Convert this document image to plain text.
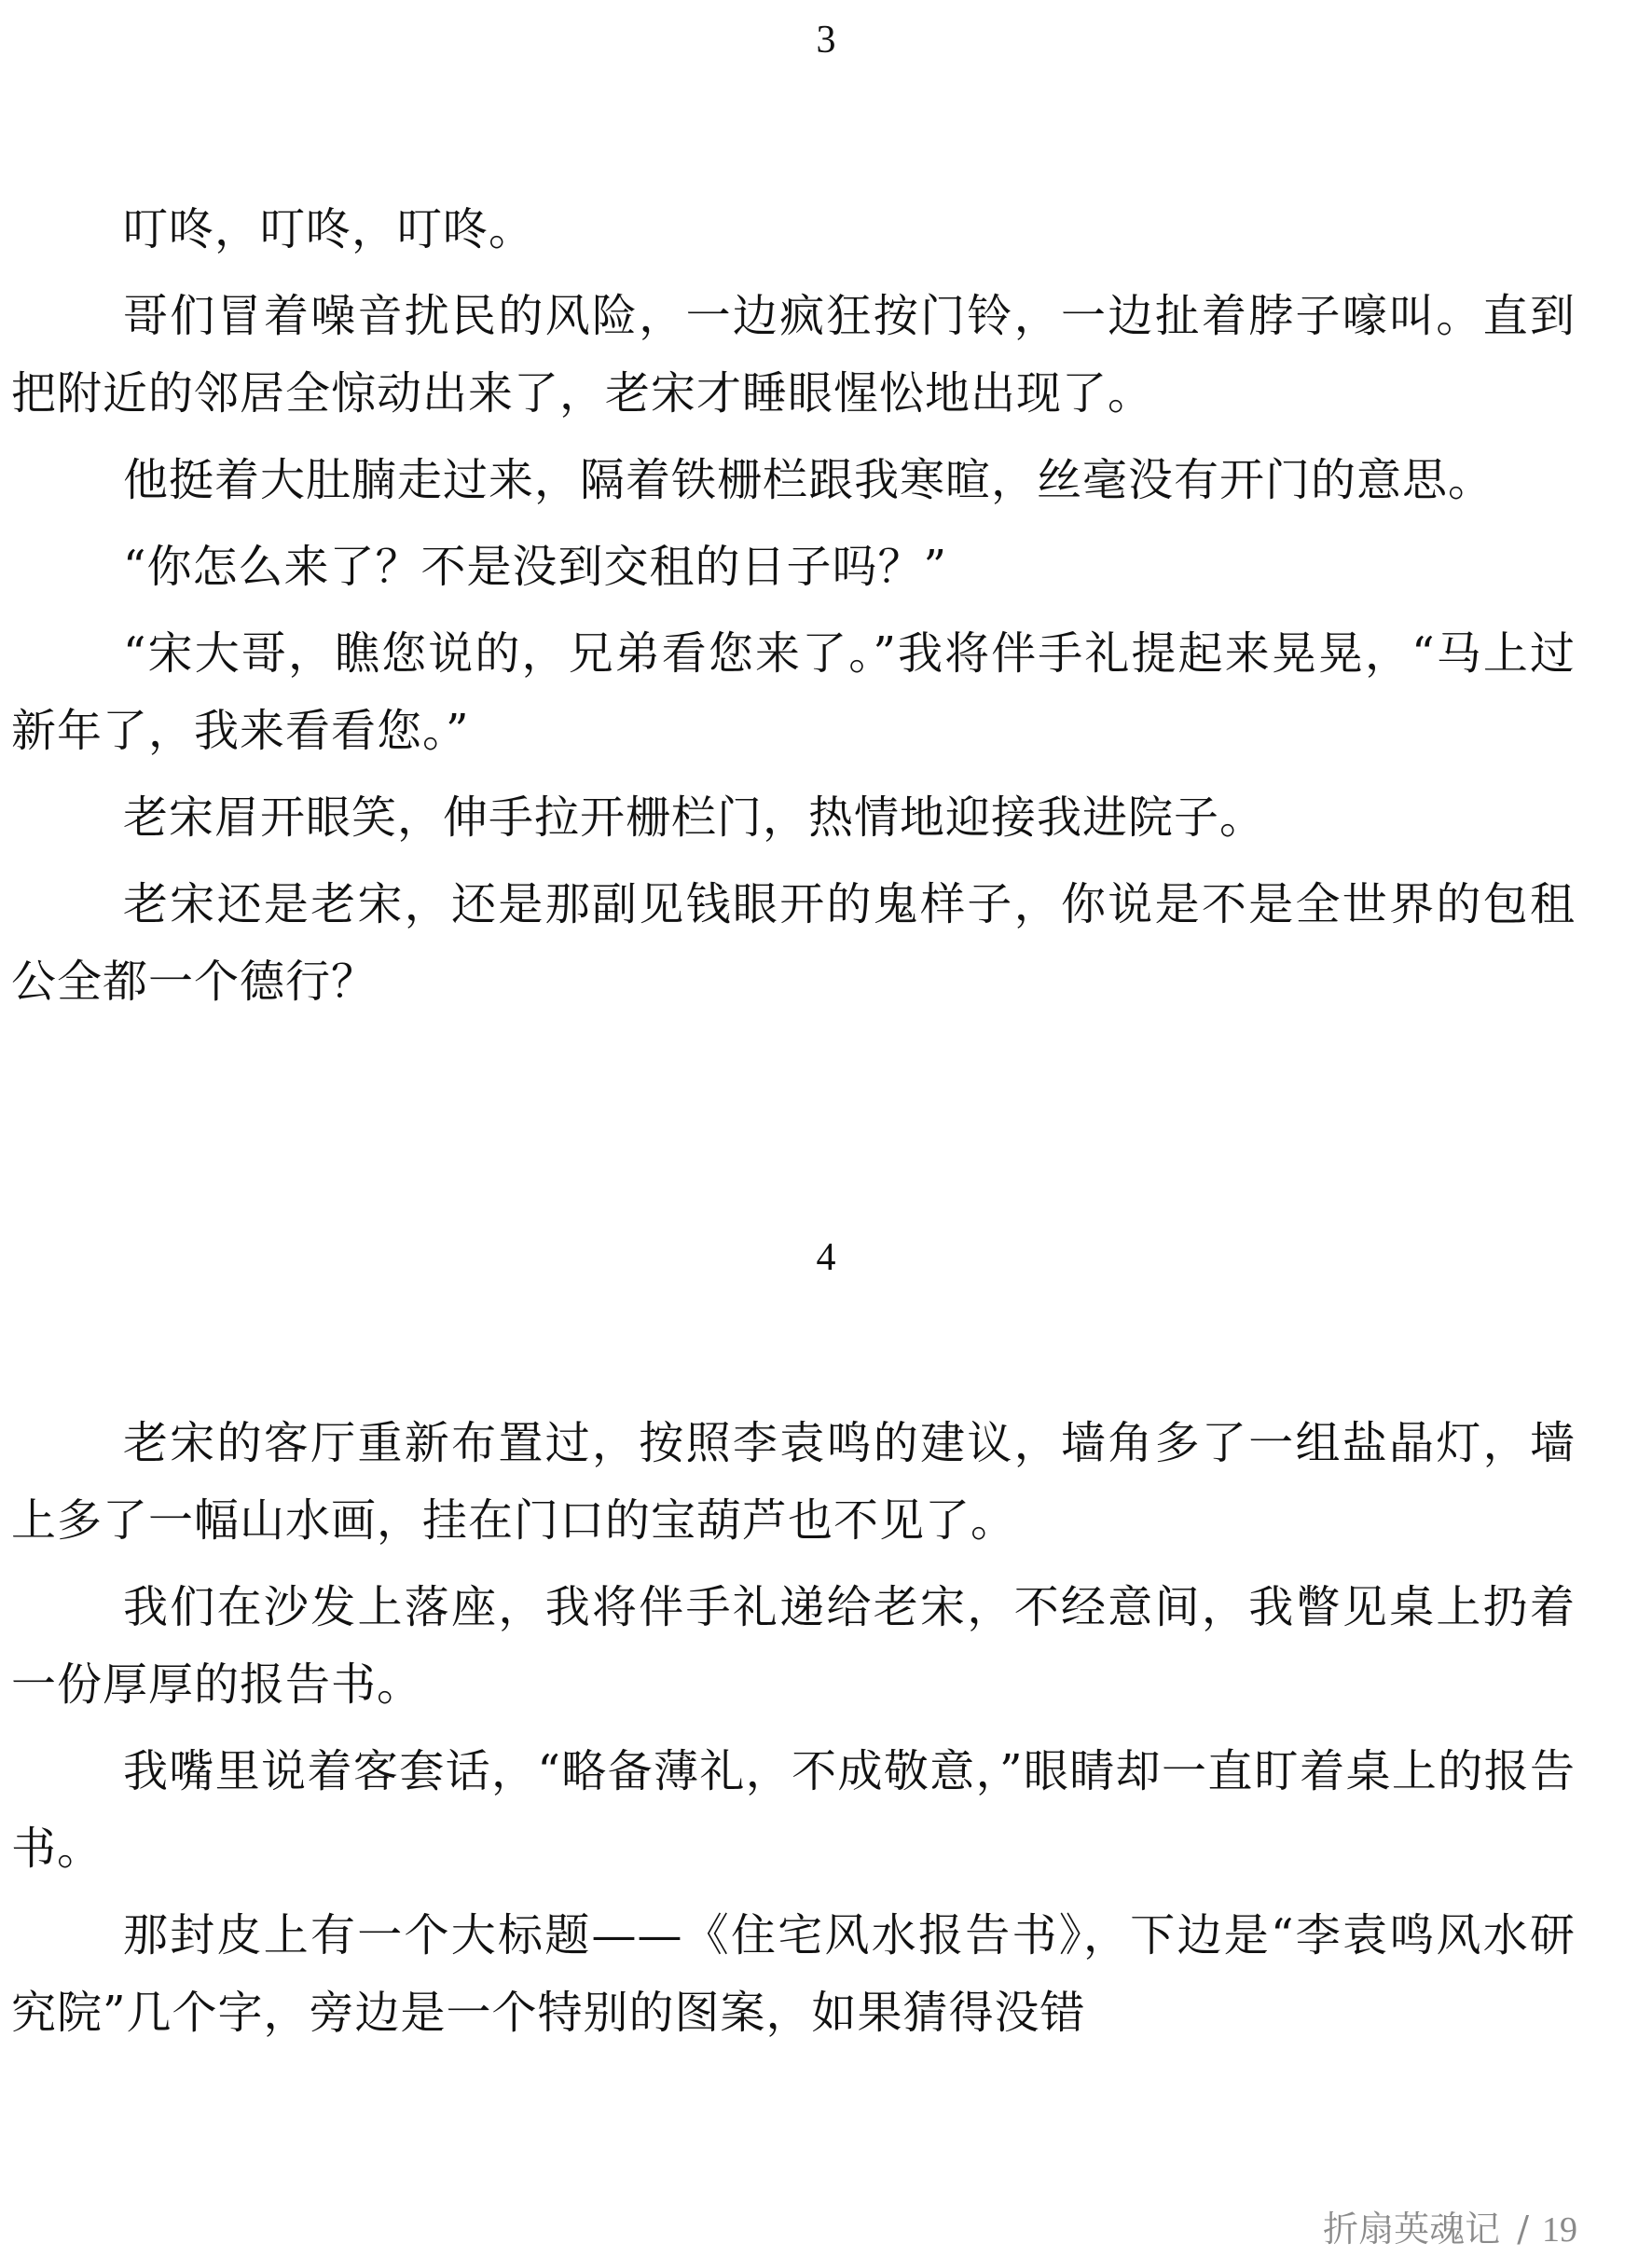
3

叮咚，叮咚，叮咚。

哥们冒着噪音扰民的风险，一边疯狂按门铃，一边扯着脖子嚎叫。直到把附近的邻居全惊动出来了，老宋才睡眼惺忪地出现了。

他挺着大肚腩走过来，隔着铁栅栏跟我寒暄，丝毫没有开门的意思。

“你怎么来了？不是没到交租的日子吗？”

“宋大哥，瞧您说的，兄弟看您来了。”我将伴手礼提起来晃晃，“马上过新年了，我来看看您。”

老宋眉开眼笑，伸手拉开栅栏门，热情地迎接我进院子。

老宋还是老宋，还是那副见钱眼开的鬼样子，你说是不是全世界的包租公全都一个德行？

4

老宋的客厅重新布置过，按照李袁鸣的建议，墙角多了一组盐晶灯，墙上多了一幅山水画，挂在门口的宝葫芦也不见了。

我们在沙发上落座，我将伴手礼递给老宋，不经意间，我瞥见桌上扔着一份厚厚的报告书。

我嘴里说着客套话，“略备薄礼，不成敬意，”眼睛却一直盯着桌上的报告书。

那封皮上有一个大标题——《住宅风水报告书》，下边是“李袁鸣风水研究院”几个字，旁边是一个特别的图案，如果猜得没错

折扇英魂记 / 19
